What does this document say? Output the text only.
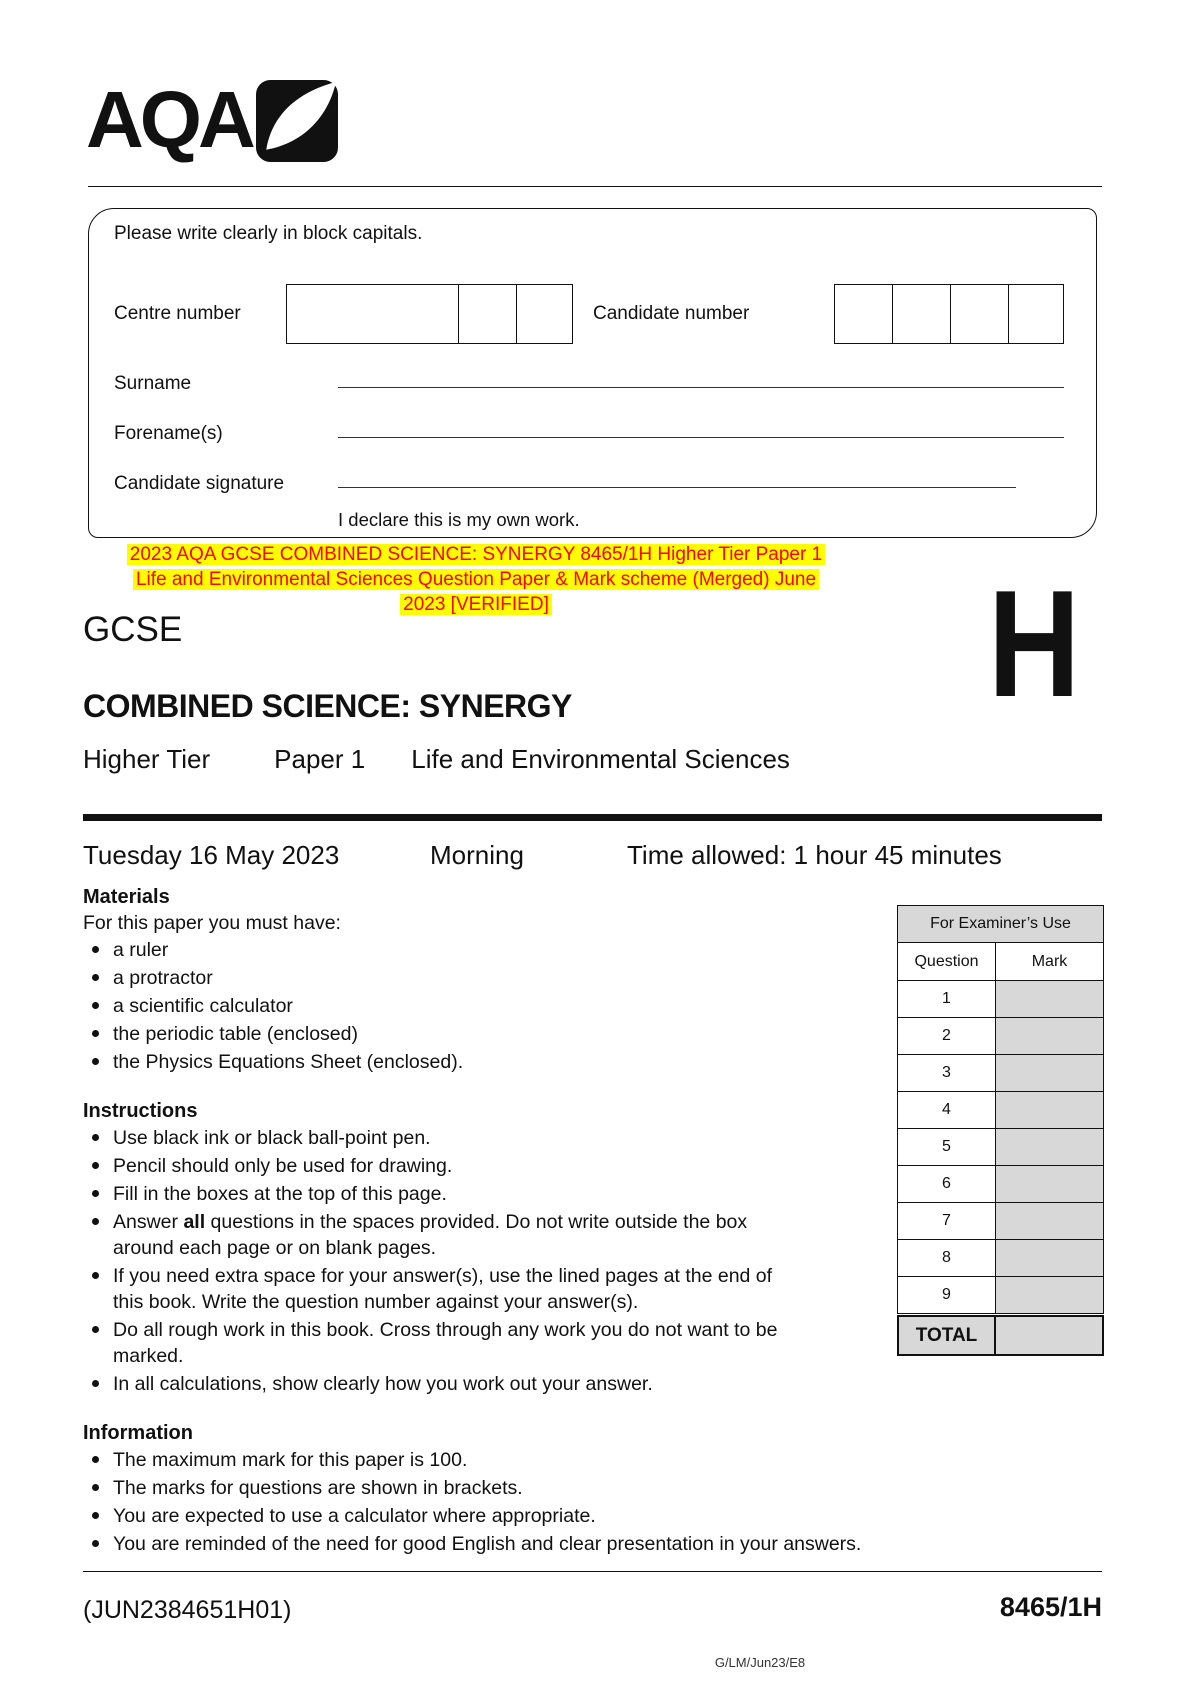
AQA
Please write clearly in block capitals.
Centre number	Candidate number
Surname
Forename(s)
Candidate signature
I declare this is my own work.
2023 AQA GCSE COMBINED SCIENCE: SYNERGY 8465/1H Higher Tier Paper 1
Life and Environmental Sciences Question Paper & Mark scheme (Merged) June
2023 [VERIFIED]
GCSE	H
COMBINED SCIENCE: SYNERGY
Higher Tier Paper 1 Life and Environmental Sciences
Tuesday 16 May 2023	Morning	Time allowed: 1 hour 45 minutes
Materials

For this paper you must have:

a ruler
a protractor
a scientific calculator
the periodic table (enclosed)
the Physics Equations Sheet (enclosed).
Instructions
Use black ink or black ball-point pen.
Pencil should only be used for drawing.
Fill in the boxes at the top of this page.
Answer all questions in the spaces provided. Do not write outside the box around each page or on blank pages.
If you need extra space for your answer(s), use the lined pages at the end of this book. Write the question number against your answer(s).
Do all rough work in this book. Cross through any work you do not want to be marked.
In all calculations, show clearly how you work out your answer.
Information
The maximum mark for this paper is 100.
The marks for questions are shown in brackets.
You are expected to use a calculator where appropriate.
You are reminded of the need for good English and clear presentation in your answers.
For Examiner’s Use
Question	Mark
1
2
3
4
5
6
7
8
9
TOTAL
(JUN2384651H01)	8465/1H
G/LM/Jun23/E8
